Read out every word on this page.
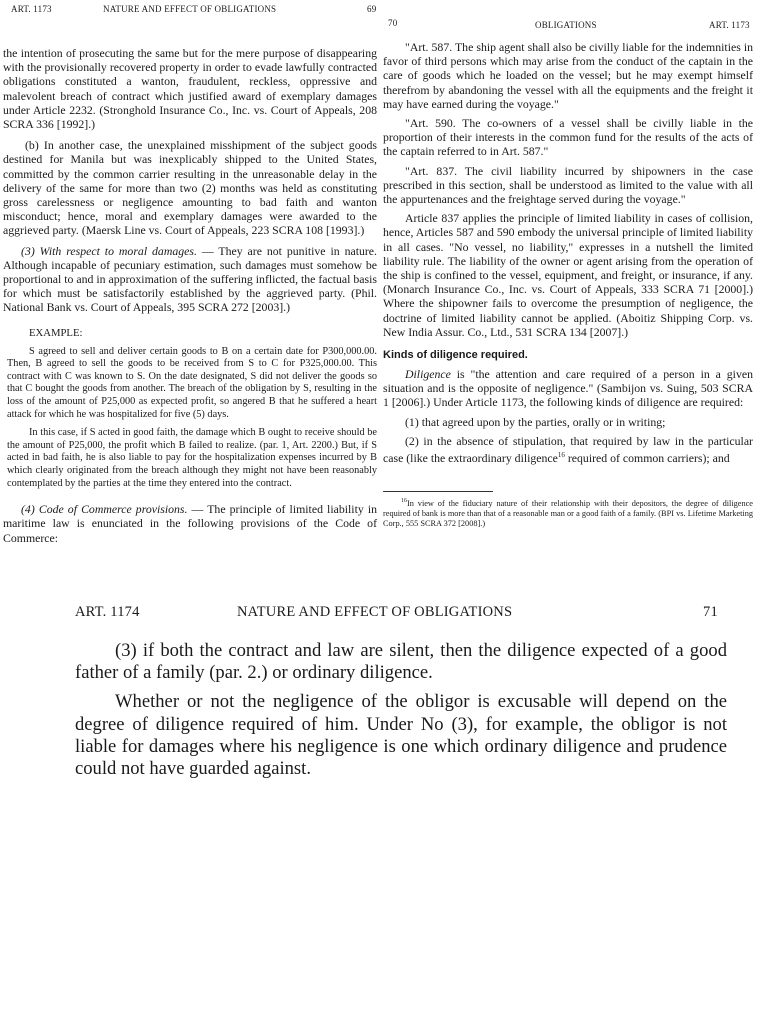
ART. 1173	NATURE AND EFFECT OF OBLIGATIONS	69

the intention of prosecuting the same but for the mere purpose of disappearing with the provisionally recovered property in order to evade lawfully contracted obligations constituted a wanton, fraudulent, reckless, oppressive and malevolent breach of contract which justified award of exemplary damages under Article 2232. (Stronghold Insurance Co., Inc. vs. Court of Appeals, 208 SCRA 336 [1992].)

(b) In another case, the unexplained misshipment of the subject goods destined for Manila but was inexplicably shipped to the United States, committed by the common carrier resulting in the unreasonable delay in the delivery of the same for more than two (2) months was held as constituting gross carelessness or negligence amounting to bad faith and wanton misconduct; hence, moral and exemplary damages were awarded to the aggrieved party. (Maersk Line vs. Court of Appeals, 223 SCRA 108 [1993].)

(3) With respect to moral damages. — They are not punitive in nature. Although incapable of pecuniary estimation, such damages must somehow be proportional to and in approximation of the suffering inflicted, the factual basis for which must be satisfactorily established by the aggrieved party. (Phil. National Bank vs. Court of Appeals, 395 SCRA 272 [2003].)

EXAMPLE:

S agreed to sell and deliver certain goods to B on a certain date for P300,000.00. Then, B agreed to sell the goods to be received from S to C for P325,000.00. This contract with C was known to S. On the date designated, S did not deliver the goods so that C bought the goods from another. The breach of the obligation by S, resulting in the loss of the amount of P25,000 as expected profit, so angered B that he suffered a heart attack for which he was hospitalized for five (5) days.

In this case, if S acted in good faith, the damage which B ought to receive should be the amount of P25,000, the profit which B failed to realize. (par. 1, Art. 2200.) But, if S acted in bad faith, he is also liable to pay for the hospitalization expenses incurred by B which clearly originated from the breach although they might not have been reasonably contemplated by the parties at the time they entered into the contract.

(4) Code of Commerce provisions. — The principle of limited liability in maritime law is enunciated in the following provisions of the Code of Commerce:

70	OBLIGATIONS	ART. 1173

"Art. 587. The ship agent shall also be civilly liable for the indemnities in favor of third persons which may arise from the conduct of the captain in the care of goods which he loaded on the vessel; but he may exempt himself therefrom by abandoning the vessel with all the equipments and the freight it may have earned during the voyage."

"Art. 590. The co-owners of a vessel shall be civilly liable in the proportion of their interests in the common fund for the results of the acts of the captain referred to in Art. 587."

"Art. 837. The civil liability incurred by shipowners in the case prescribed in this section, shall be understood as limited to the value with all the appurtenances and the freightage served during the voyage."

Article 837 applies the principle of limited liability in cases of collision, hence, Articles 587 and 590 embody the universal principle of limited liability in all cases. "No vessel, no liability," expresses in a nutshell the limited liability rule. The liability of the owner or agent arising from the operation of the ship is confined to the vessel, equipment, and freight, or insurance, if any. (Monarch Insurance Co., Inc. vs. Court of Appeals, 333 SCRA 71 [2000].) Where the shipowner fails to overcome the presumption of negligence, the doctrine of limited liability cannot be applied. (Aboitiz Shipping Corp. vs. New India Assur. Co., Ltd., 531 SCRA 134 [2007].)

Kinds of diligence required.

Diligence is "the attention and care required of a person in a given situation and is the opposite of negligence." (Sambijon vs. Suing, 503 SCRA 1 [2006].) Under Article 1173, the following kinds of diligence are required:

(1) that agreed upon by the parties, orally or in writing;

(2) in the absence of stipulation, that required by law in the particular case (like the extraordinary diligence$^{16}$ required of common carriers); and

$^{16}$In view of the fiduciary nature of their relationship with their depositors, the degree of diligence required of bank is more than that of a reasonable man or a good faith of a family. (BPI vs. Lifetime Marketing Corp., 555 SCRA 372 [2008].)

ART. 1174	NATURE AND EFFECT OF OBLIGATIONS	71

(3) if both the contract and law are silent, then the diligence expected of a good father of a family (par. 2.) or ordinary diligence.

Whether or not the negligence of the obligor is excusable will depend on the degree of diligence required of him. Under No (3), for example, the obligor is not liable for damages where his negligence is one which ordinary diligence and prudence could not have guarded against.
